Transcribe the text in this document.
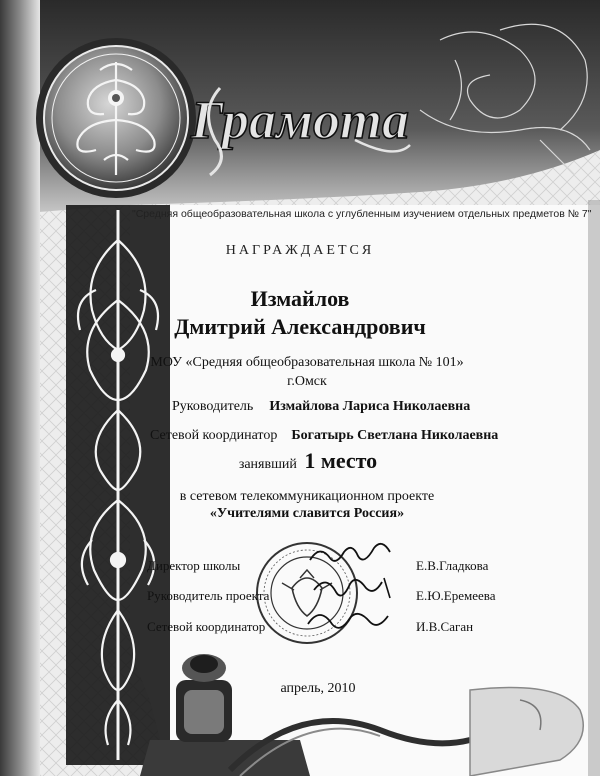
Грамота
"Средняя общеобразовательная школа с углубленным изучением отдельных предметов № 7"
НАГРАЖДАЕТСЯ
Измайлов
Дмитрий Александрович
МОУ «Средняя общеобразовательная школа № 101»
г.Омск
Руководитель Измайлова Лариса Николаевна
Сетевой координатор Богатырь Светлана Николаевна
занявший 1 место
в сетевом телекоммуникационном проекте
«Учителями славится Россия»
Директор школы	Е.В.Гладкова
Руководитель проекта	Е.Ю.Еремеева
Сетевой координатор	И.В.Саган
апрель, 2010
